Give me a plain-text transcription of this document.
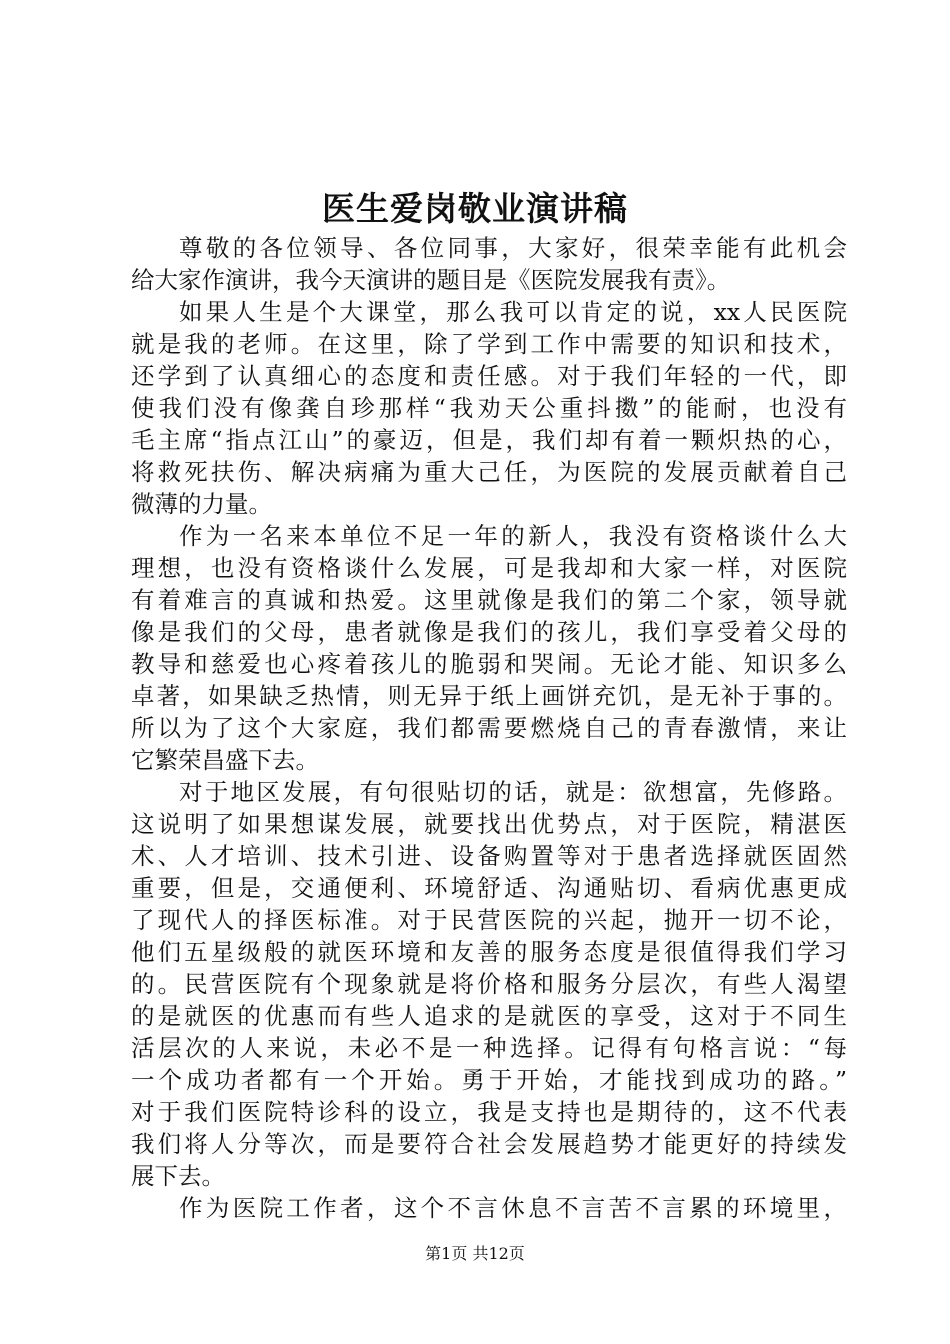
医生爱岗敬业演讲稿
尊敬的各位领导、各位同事，大家好，很荣幸能有此机会
给大家作演讲，我今天演讲的题目是《医院发展我有责》。
如果人生是个大课堂，那么我可以肯定的说，xx人民医院
就是我的老师。在这里，除了学到工作中需要的知识和技术，
还学到了认真细心的态度和责任感。对于我们年轻的一代，即
使我们没有像龚自珍那样“我劝天公重抖擞”的能耐，也没有
毛主席“指点江山”的豪迈，但是，我们却有着一颗炽热的心，
将救死扶伤、解决病痛为重大己任，为医院的发展贡献着自己
微薄的力量。
作为一名来本单位不足一年的新人，我没有资格谈什么大
理想，也没有资格谈什么发展，可是我却和大家一样，对医院
有着难言的真诚和热爱。这里就像是我们的第二个家，领导就
像是我们的父母，患者就像是我们的孩儿，我们享受着父母的
教导和慈爱也心疼着孩儿的脆弱和哭闹。无论才能、知识多么
卓著，如果缺乏热情，则无异于纸上画饼充饥，是无补于事的。
所以为了这个大家庭，我们都需要燃烧自己的青春激情，来让
它繁荣昌盛下去。
对于地区发展，有句很贴切的话，就是：欲想富，先修路。
这说明了如果想谋发展，就要找出优势点，对于医院，精湛医
术、人才培训、技术引进、设备购置等对于患者选择就医固然
重要，但是，交通便利、环境舒适、沟通贴切、看病优惠更成
了现代人的择医标准。对于民营医院的兴起，抛开一切不论，
他们五星级般的就医环境和友善的服务态度是很值得我们学习
的。民营医院有个现象就是将价格和服务分层次，有些人渴望
的是就医的优惠而有些人追求的是就医的享受，这对于不同生
活层次的人来说，未必不是一种选择。记得有句格言说：“每
一个成功者都有一个开始。勇于开始，才能找到成功的路。”
对于我们医院特诊科的设立，我是支持也是期待的，这不代表
我们将人分等次，而是要符合社会发展趋势才能更好的持续发
展下去。
作为医院工作者，这个不言休息不言苦不言累的环境里，
第1页 共12页
